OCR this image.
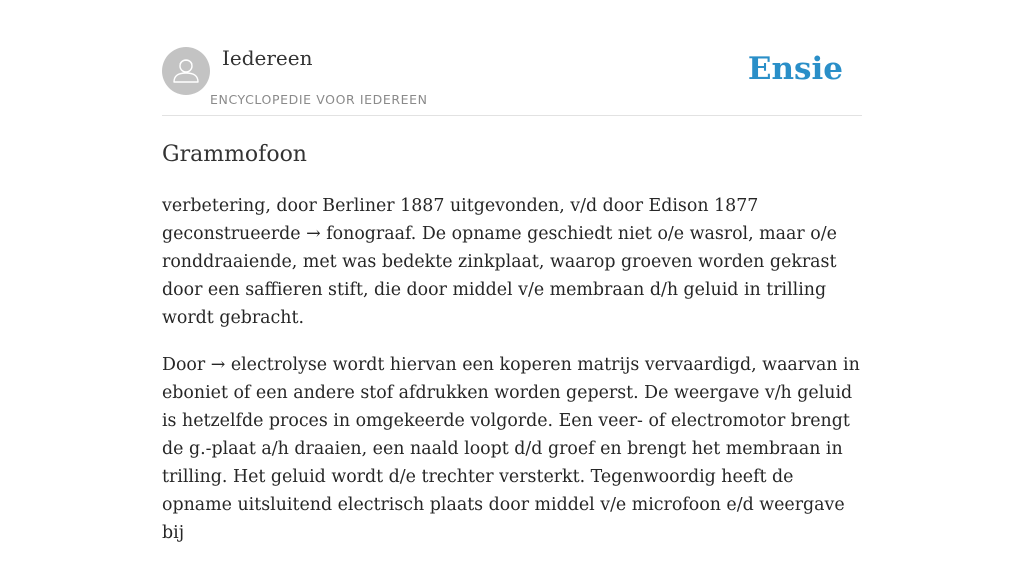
Iedereen
ENCYCLOPEDIE VOOR IEDEREEN
Ensie
Grammofoon

verbetering, door Berliner 1887 uitgevonden, v/d door Edison 1877 geconstrueerde → fonograaf. De opname geschiedt niet o/e wasrol, maar o/e ronddraaiende, met was bedekte zinkplaat, waarop groeven worden gekrast door een saffieren stift, die door middel v/e membraan d/h geluid in trilling wordt gebracht.

Door → electrolyse wordt hiervan een koperen matrijs vervaardigd, waarvan in eboniet of een andere stof afdrukken worden geperst. De weergave v/h geluid is hetzelfde proces in omgekeerde volgorde. Een veer- of electromotor brengt de g.-plaat a/h draaien, een naald loopt d/d groef en brengt het membraan in trilling. Het geluid wordt d/e trechter versterkt. Tegenwoordig heeft de opname uitsluitend electrisch plaats door middel v/e microfoon e/d weergave bij
